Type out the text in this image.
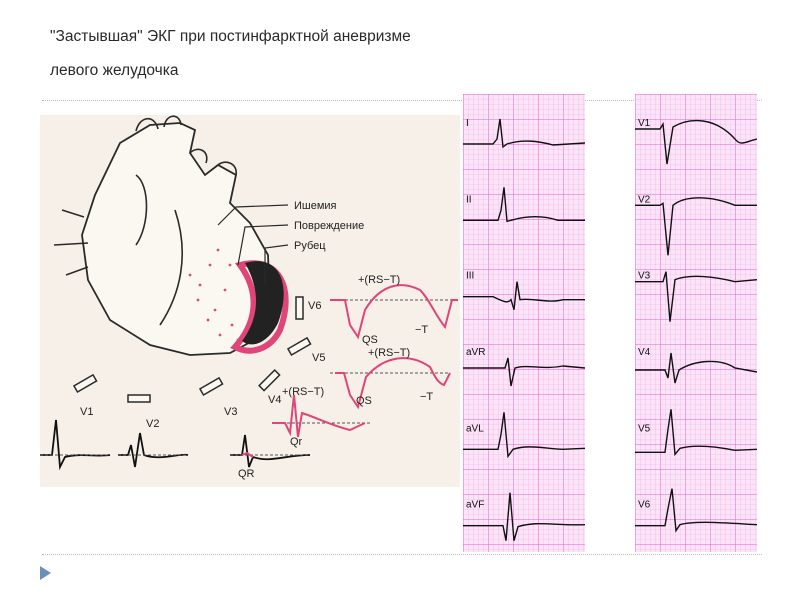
"Застывшая" ЭКГ при постинфарктной аневризме
левого желудочка
Ишемия
Повреждение
Рубец
V1
V2
V3
V4
V5
V6
+(RS−T)
QS
−T
+(RS−T)
QS	−T
+(RS−T)
Qr
QR
I
II
III
aVR
aVL
aVF
V1
V2
V3
V4
V5
V6
